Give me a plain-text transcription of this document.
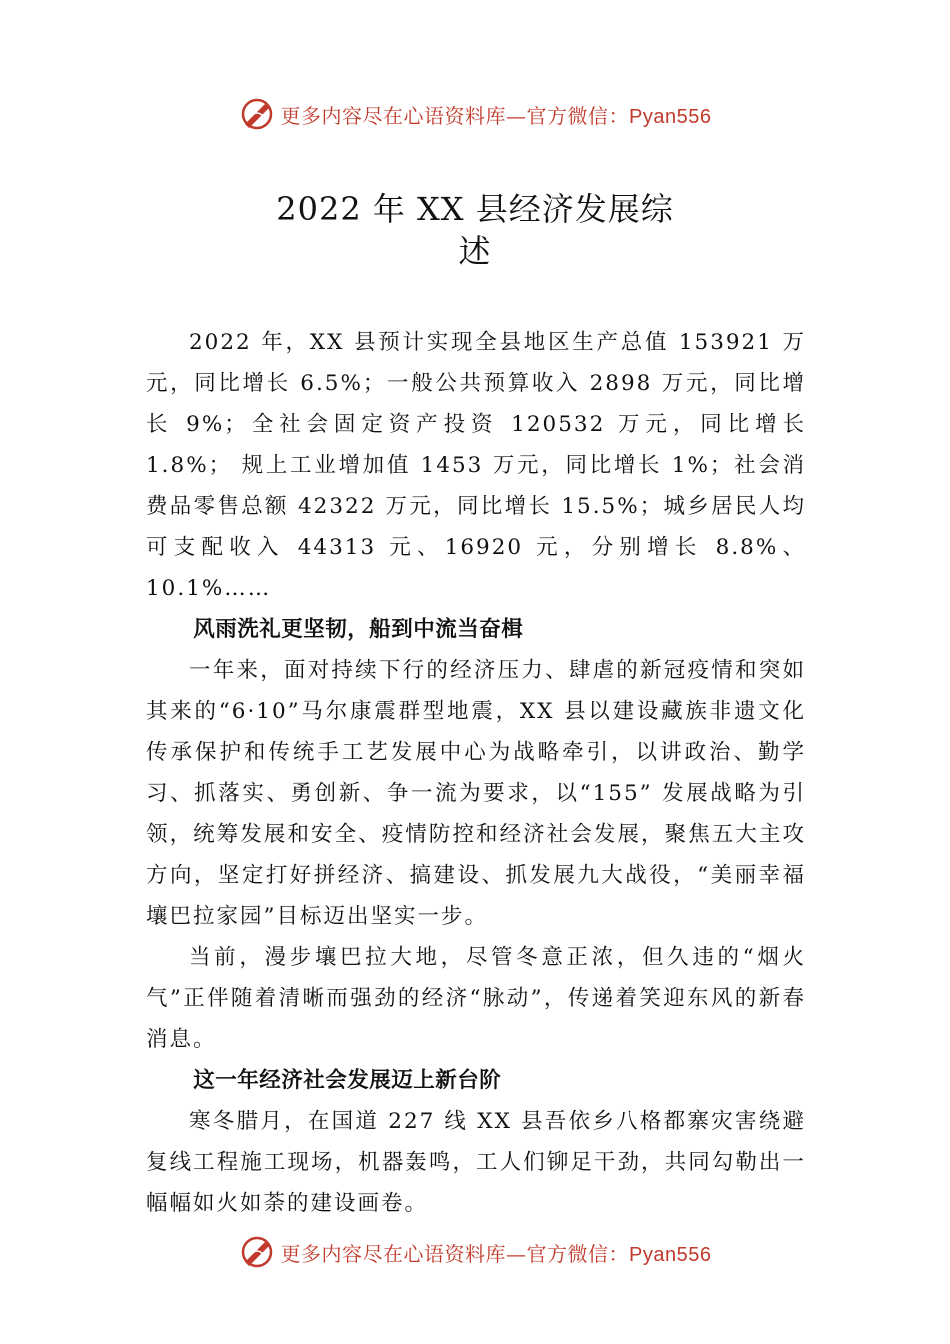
更多内容尽在心语资料库—官方微信：Pyan556
2022 年 XX 县经济发展综
述

2022 年，XX 县预计实现全县地区生产总值 153921 万元，同比增长 6.5%；一般公共预算收入 2898 万元，同比增长 9%；全社会固定资产投资 120532 万元，同比增长 1.8%； 规上工业增加值 1453 万元，同比增长 1%；社会消费品零售总额 42322 万元，同比增长 15.5%；城乡居民人均可支配收入 44313 元、16920 元，分别增长 8.8%、10.1%……

风雨洗礼更坚韧，船到中流当奋楫

一年来，面对持续下行的经济压力、肆虐的新冠疫情和突如其来的“6·10”马尔康震群型地震，XX 县以建设藏族非遗文化传承保护和传统手工艺发展中心为战略牵引，以讲政治、勤学习、抓落实、勇创新、争一流为要求，以“155” 发展战略为引领，统筹发展和安全、疫情防控和经济社会发展，聚焦五大主攻方向，坚定打好拼经济、搞建设、抓发展九大战役，“美丽幸福壤巴拉家园”目标迈出坚实一步。

当前，漫步壤巴拉大地，尽管冬意正浓，但久违的“烟火气”正伴随着清晰而强劲的经济“脉动”，传递着笑迎东风的新春消息。

这一年经济社会发展迈上新台阶

寒冬腊月，在国道 227 线 XX 县吾依乡八格都寨灾害绕避复线工程施工现场，机器轰鸣，工人们铆足干劲，共同勾勒出一幅幅如火如荼的建设画卷。

更多内容尽在心语资料库—官方微信：Pyan556
